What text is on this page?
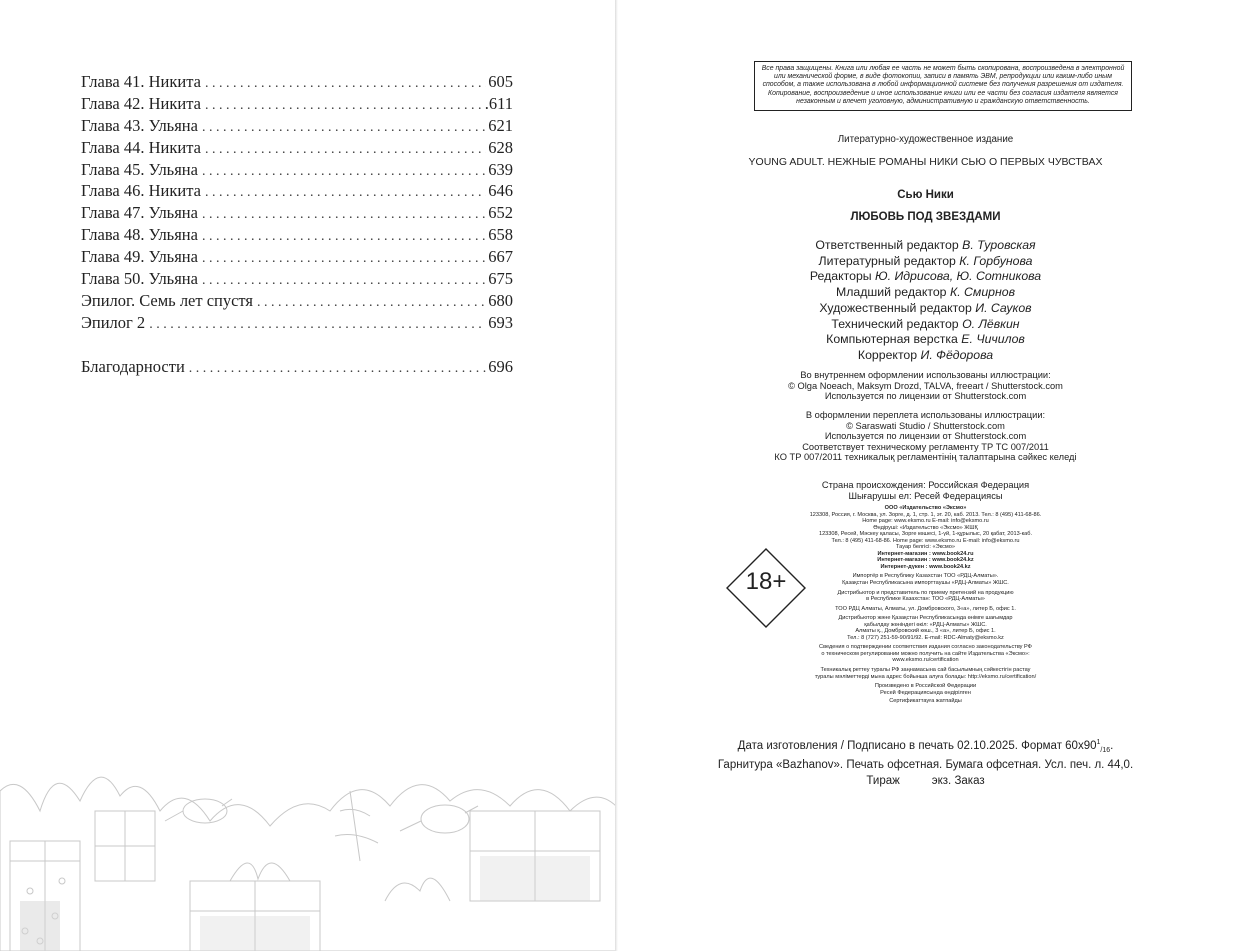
Глава 41. Никита . . .	605
Глава 42. Никита . . .	.611
Глава 43. Ульяна . . .	621
Глава 44. Никита . . .	628
Глава 45. Ульяна . . .	639
Глава 46. Никита . . .	646
Глава 47. Ульяна . . .	652
Глава 48. Ульяна . . .	658
Глава 49. Ульяна . . .	667
Глава 50. Ульяна . . .	675
Эпилог. Семь лет спустя . . .	680
Эпилог 2 . . .	693
Благодарности . . .	696
Все права защищены. Книга или любая ее часть не может быть скопирована, воспроизведена в электронной или механической форме, в виде фотокопии, записи в память ЭВМ, репродукции или каким-либо иным способом, а также использована в любой информационной системе без получения разрешения от издателя. Копирование, воспроизведение и иное использование книги или ее части без согласия издателя является незаконным и влечет уголовную, административную и гражданскую ответственность.

Литературно-художественное издание

YOUNG ADULT. НЕЖНЫЕ РОМАНЫ НИКИ СЬЮ О ПЕРВЫХ ЧУВСТВАХ

Сью Ники

ЛЮБОВЬ ПОД ЗВЕЗДАМИ

Ответственный редактор В. Туровская
Литературный редактор К. Горбунова
Редакторы Ю. Идрисова, Ю. Сотникова
Младший редактор К. Смирнов
Художественный редактор И. Сауков
Технический редактор О. Лёвкин
Компьютерная верстка Е. Чичилов
Корректор И. Фёдорова
Во внутреннем оформлении использованы иллюстрации:
© Olga Noeach, Maksym Drozd, TALVA, freeart / Shutterstock.com
Используется по лицензии от Shutterstock.com
В оформлении переплета использованы иллюстрации:
© Saraswati Studio / Shutterstock.com
Используется по лицензии от Shutterstock.com
Соответствует техническому регламенту ТР ТС 007/2011
КО ТР 007/2011 техникалық регламентінің талаптарына сәйкес келеді
Страна происхождения: Российская Федерация
Шығарушы ел: Ресей Федерациясы
18+
ООО «Издательство «Эксмо»
123308, Россия, г. Москва, ул. Зорге, д. 1, стр. 1, эт. 20, каб. 2013. Тел.: 8 (495) 411-68-86.
Home page: www.eksmo.ru E-mail: info@eksmo.ru
Өндіруші: «Издательство «Эксмо» ЖШҚ
123308, Ресей, Мәскеу қаласы, Зорге көшесі, 1-үй, 1-құрылыс, 20 қабат, 2013-каб.
Тел.: 8 (495) 411-68-86. Home page: www.eksmo.ru E-mail: info@eksmo.ru
Тауар белгісі: «Эксмо»
Интернет-магазин : www.book24.ru
Интернет-магазин : www.book24.kz
Интернет-дүкен : www.book24.kz
Импортёр в Республику Казахстан ТОО «РДЦ-Алматы».
Қазақстан Республикасына импорттаушы «РДЦ-Алматы» ЖШС.
Дистрибьютор и представитель по приему претензий на продукцию
в Республике Казахстан: ТОО «РДЦ-Алматы»
ТОО РДЦ Алматы, Алматы, ул. Домбровского, 3«а», литер Б, офис 1.
Дистрибьютор және Қазақстан Республикасында өнімге шағымдар
қабылдау жөніндегі өкіл: «РДЦ-Алматы» ЖШС.
Алматы қ., Домбровский көш., 3 «а», литер Б, офис 1.
Тел.: 8 (727) 251-59-90/91/92. E-mail: RDC-Almaty@eksmo.kz
Сведения о подтверждении соответствия издания согласно законодательству РФ
о техническом регулировании можно получить на сайте Издательства «Эксмо»:
www.eksmo.ru/certification
Техникалық реттеу туралы РФ заңнамасына сай басылымның сәйкестігін растау
туралы мәліметтерді мына адрес бойынша алуға болады: http://eksmo.ru/certification/
Произведено в Российской Федерации
Ресей Федерациясында өндірілген
Сертификаттауға жатпайды
Дата изготовления / Подписано в печать 02.10.2025. Формат $60x90^1_{/16}$.
Гарнитура «Bazhanov». Печать офсетная. Бумага офсетная. Усл. печ. л. 44,0.
Тираж          экз. Заказ
